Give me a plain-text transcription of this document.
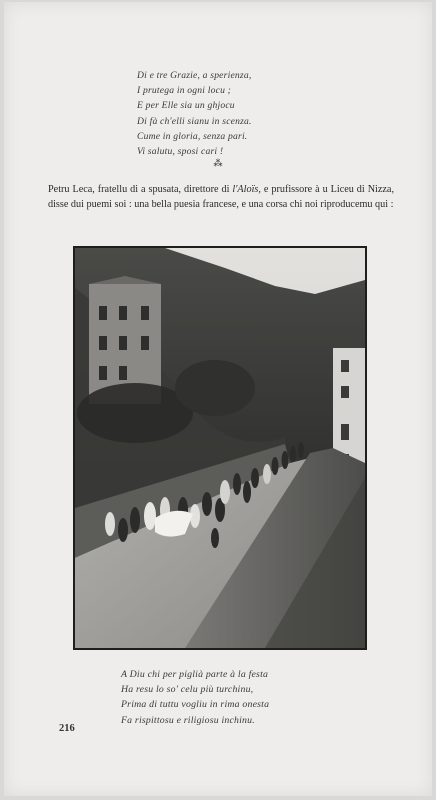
Di e tre Grazie, a sperienza,
I prutega in ogni locu ;
E per Elle sia un ghjocu
Di fà ch'elli sianu in scenza.
Cume in gloria, senza pari.
Vi salutu, sposi cari !
⁂

Petru Leca, fratellu di a spusata, direttore di l'Aloïs, e prufissore à u Liceu di Nizza, disse dui puemi soi : una bella puesia francese, e una corsa chi noi riproducemu qui :

A Diu chi per piglià parte à la festa
Ha resu lo so' celu più turchinu,
Prima di tuttu vogliu in rima onesta
Fa rispittosu e riligiosu inchinu.
216
